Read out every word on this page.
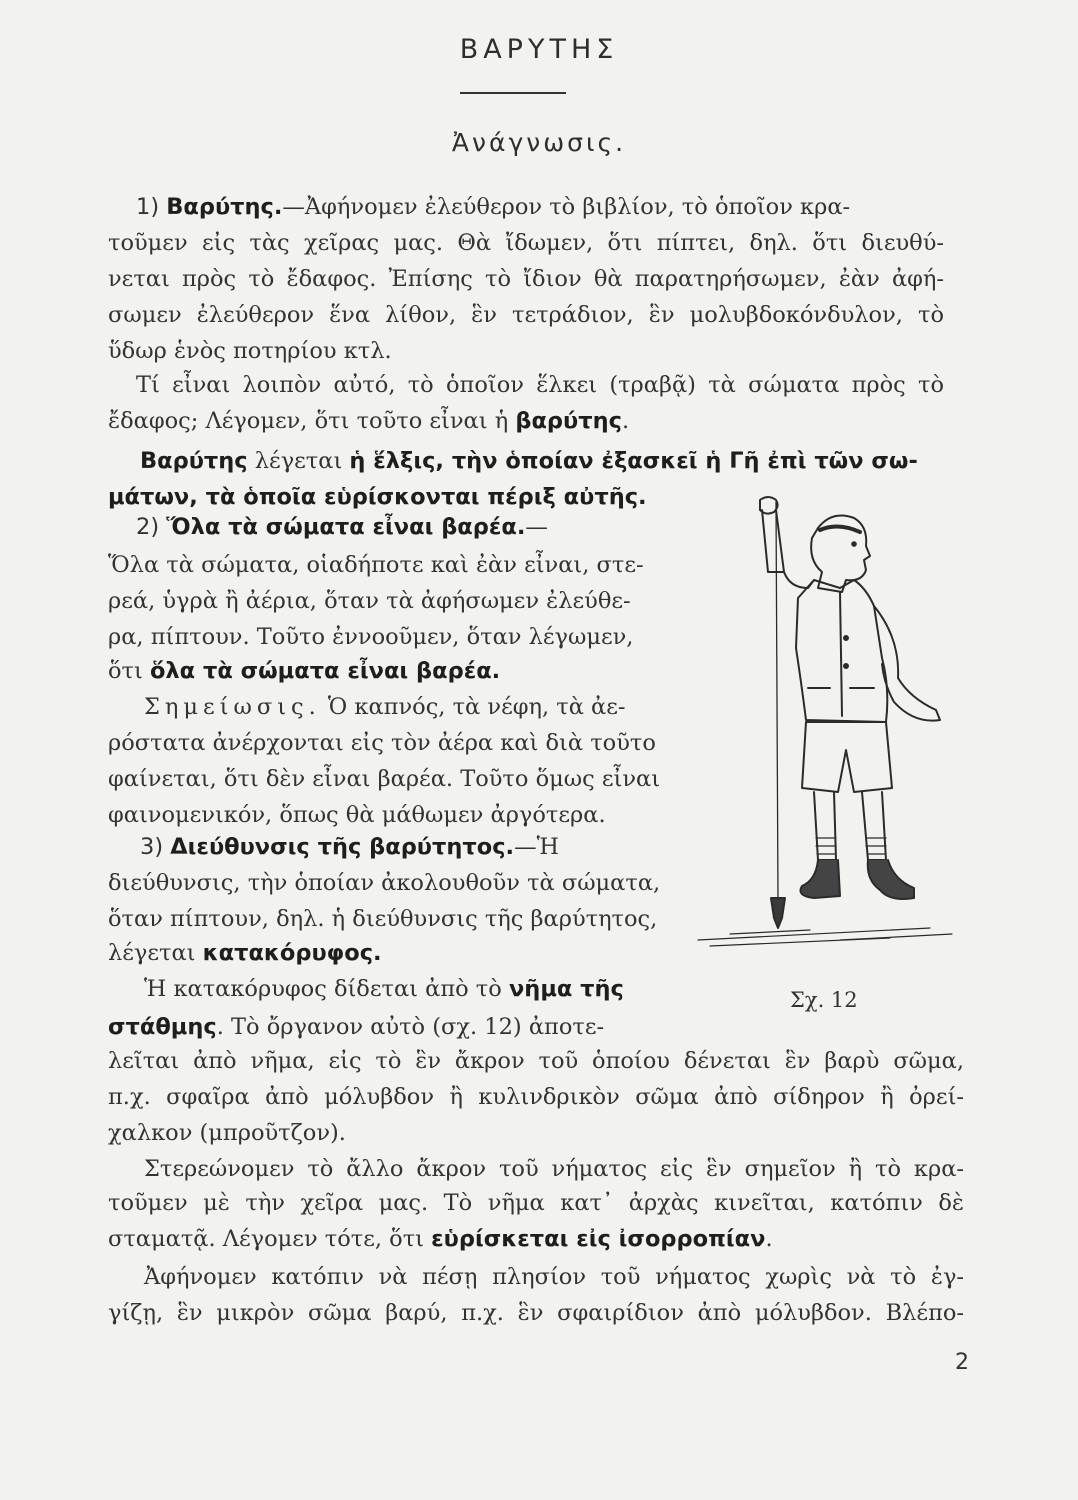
ΒΑΡΥΤΗΣ
Ἀνάγνωσις.
1) Βαρύτης.—Ἀφήνομεν ἐλεύθερον τὸ βιβλίον, τὸ ὁποῖον κρα-
τοῦμεν εἰς τὰς χεῖρας μας. Θὰ ἴδωμεν, ὅτι πίπτει, δηλ. ὅτι διευθύ-
νεται πρὸς τὸ ἔδαφος. Ἐπίσης τὸ ἴδιον θὰ παρατηρήσωμεν, ἐὰν ἀφή-
σωμεν ἐλεύθερον ἕνα λίθον, ἓν τετράδιον, ἓν μολυβδοκόνδυλον, τὸ
ὕδωρ ἑνὸς ποτηρίου κτλ.
Τί εἶναι λοιπὸν αὐτό, τὸ ὁποῖον ἕλκει (τραβᾷ) τὰ σώματα πρὸς τὸ
ἔδαφος; Λέγομεν, ὅτι τοῦτο εἶναι ἡ βαρύτης.
Βαρύτης λέγεται ἡ ἕλξις, τὴν ὁποίαν ἐξασκεῖ ἡ Γῆ ἐπὶ τῶν σω-
μάτων, τὰ ὁποῖα εὑρίσκονται πέριξ αὐτῆς.
2) Ὅλα τὰ σώματα εἶναι βαρέα.—
Ὅλα τὰ σώματα, οἱαδήποτε καὶ ἐὰν εἶναι, στε-
ρεά, ὑγρὰ ἢ ἀέρια, ὅταν τὰ ἀφήσωμεν ἐλεύθε-
ρα, πίπτουν. Τοῦτο ἐννοοῦμεν, ὅταν λέγωμεν,
ὅτι ὅλα τὰ σώματα εἶναι βαρέα.
Σημείωσις. Ὁ καπνός, τὰ νέφη, τὰ ἀε-
ρόστατα ἀνέρχονται εἰς τὸν ἀέρα καὶ διὰ τοῦτο
φαίνεται, ὅτι δὲν εἶναι βαρέα. Τοῦτο ὅμως εἶναι
φαινομενικόν, ὅπως θὰ μάθωμεν ἀργότερα.
3) Διεύθυνσις τῆς βαρύτητος.—Ἡ
διεύθυνσις, τὴν ὁποίαν ἀκολουθοῦν τὰ σώματα,
ὅταν πίπτουν, δηλ. ἡ διεύθυνσις τῆς βαρύτητος,
λέγεται κατακόρυφος.
Ἡ κατακόρυφος δίδεται ἀπὸ τὸ νῆμα τῆς
στάθμης. Τὸ ὄργανον αὐτὸ (σχ. 12) ἀποτε-
λεῖται ἀπὸ νῆμα, εἰς τὸ ἓν ἄκρον τοῦ ὁποίου δένεται ἓν βαρὺ σῶμα,
π.χ. σφαῖρα ἀπὸ μόλυβδον ἢ κυλινδρικὸν σῶμα ἀπὸ σίδηρον ἢ ὀρεί-
χαλκον (μπροῦτζον).
Στερεώνομεν τὸ ἄλλο ἄκρον τοῦ νήματος εἰς ἓν σημεῖον ἢ τὸ κρα-
τοῦμεν μὲ τὴν χεῖρα μας. Τὸ νῆμα κατ᾽ ἀρχὰς κινεῖται, κατόπιν δὲ
σταματᾷ. Λέγομεν τότε, ὅτι εὑρίσκεται εἰς ἰσορροπίαν.
Ἀφήνομεν κατόπιν νὰ πέσῃ πλησίον τοῦ νήματος χωρὶς νὰ τὸ ἐγ-
γίζῃ, ἓν μικρὸν σῶμα βαρύ, π.χ. ἓν σφαιρίδιον ἀπὸ μόλυβδον. Βλέπο-
Σχ. 12
2
